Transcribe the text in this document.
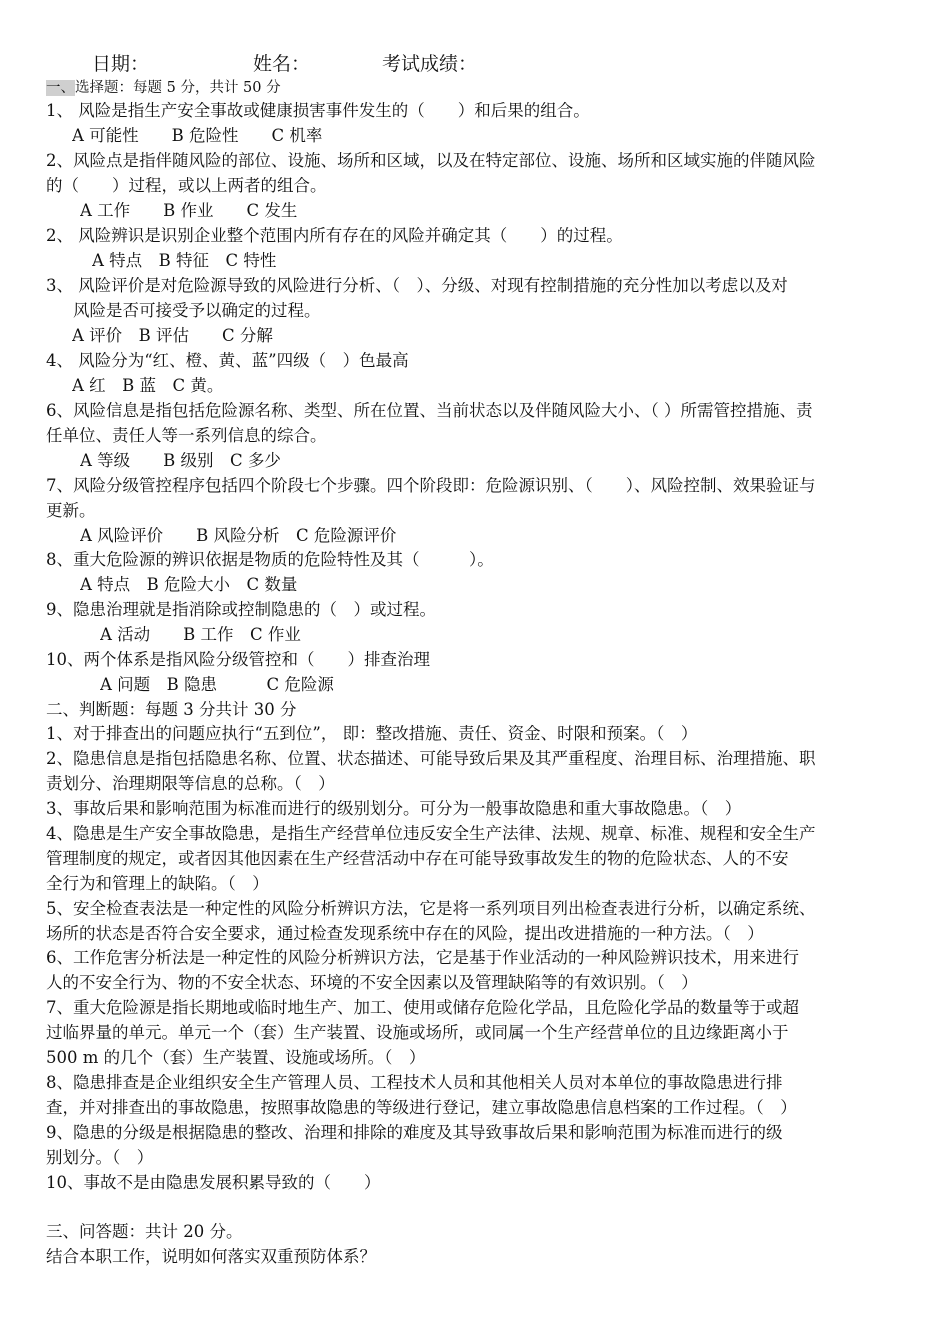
日期：	姓名：	考试成绩：
一、选择题：每题 5 分，共计 50 分
1、 风险是指生产安全事故或健康损害事件发生的（　　）和后果的组合。
A 可能性　　B 危险性　　C 机率
2、风险点是指伴随风险的部位、设施、场所和区域，以及在特定部位、设施、场所和区域实施的伴随风险
的（　　）过程，或以上两者的组合。
A 工作　　B 作业　　C 发生
2、 风险辨识是识别企业整个范围内所有存在的风险并确定其（　　）的过程。
A 特点　B 特征　C 特性
3、 风险评价是对危险源导致的风险进行分析、（　）、分级、对现有控制措施的充分性加以考虑以及对
风险是否可接受予以确定的过程。
A 评价　B 评估　　C 分解
4、 风险分为“红、橙、黄、蓝”四级（　）色最高
A 红　B 蓝　C 黄。
6、风险信息是指包括危险源名称、类型、所在位置、当前状态以及伴随风险大小、（ ）所需管控措施、责
任单位、责任人等一系列信息的综合。
A 等级　　B 级别　C 多少
7、风险分级管控程序包括四个阶段七个步骤。四个阶段即：危险源识别、（　　）、风险控制、效果验证与
更新。
A 风险评价　　B 风险分析　C 危险源评价
8、重大危险源的辨识依据是物质的危险特性及其（　　　）。
A 特点　B 危险大小　C 数量
9、隐患治理就是指消除或控制隐患的（　）或过程。
A 活动　　B 工作　C 作业
10、两个体系是指风险分级管控和（　　）排查治理
A 问题　B 隐患　　　C 危险源
二、判断题：每题 3 分共计 30 分
1、对于排查出的问题应执行“五到位”， 即：整改措施、责任、资金、时限和预案。（　）
2、隐患信息是指包括隐患名称、位置、状态描述、可能导致后果及其严重程度、治理目标、治理措施、职
责划分、治理期限等信息的总称。（　）
3、事故后果和影响范围为标准而进行的级别划分。可分为一般事故隐患和重大事故隐患。（　）
4、隐患是生产安全事故隐患，是指生产经营单位违反安全生产法律、法规、规章、标准、规程和安全生产
管理制度的规定，或者因其他因素在生产经营活动中存在可能导致事故发生的物的危险状态、人的不安
全行为和管理上的缺陷。（　）
5、安全检查表法是一种定性的风险分析辨识方法，它是将一系列项目列出检查表进行分析，以确定系统、
场所的状态是否符合安全要求，通过检查发现系统中存在的风险，提出改进措施的一种方法。（　）
6、工作危害分析法是一种定性的风险分析辨识方法，它是基于作业活动的一种风险辨识技术，用来进行
人的不安全行为、物的不安全状态、环境的不安全因素以及管理缺陷等的有效识别。（　）
7、重大危险源是指长期地或临时地生产、加工、使用或储存危险化学品，且危险化学品的数量等于或超
过临界量的单元。单元一个（套）生产装置、设施或场所，或同属一个生产经营单位的且边缘距离小于
500 m 的几个（套）生产装置、设施或场所。（　）
8、隐患排查是企业组织安全生产管理人员、工程技术人员和其他相关人员对本单位的事故隐患进行排
查，并对排查出的事故隐患，按照事故隐患的等级进行登记，建立事故隐患信息档案的工作过程。（　）
9、隐患的分级是根据隐患的整改、治理和排除的难度及其导致事故后果和影响范围为标准而进行的级
别划分。（　）
10、事故不是由隐患发展积累导致的（　　）
三、问答题：共计 20 分。
结合本职工作，说明如何落实双重预防体系？
